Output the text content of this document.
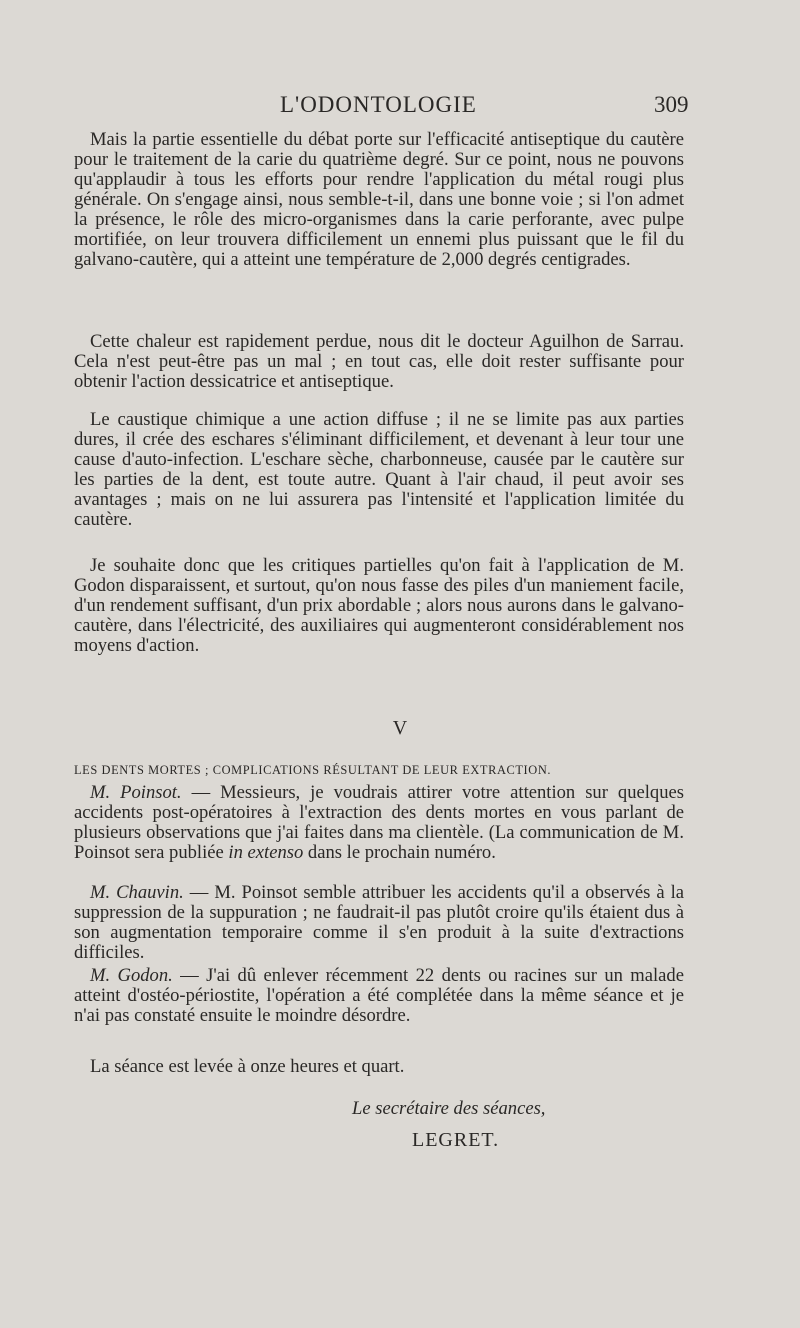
L'ODONTOLOGIE	309

Mais la partie essentielle du débat porte sur l'efficacité antiseptique du cautère pour le traitement de la carie du quatrième degré. Sur ce point, nous ne pouvons qu'applaudir à tous les efforts pour rendre l'application du métal rougi plus générale. On s'engage ainsi, nous semble-t-il, dans une bonne voie ; si l'on admet la présence, le rôle des micro-organismes dans la carie perforante, avec pulpe mortifiée, on leur trouvera difficilement un ennemi plus puissant que le fil du galvano-cautère, qui a atteint une température de 2,000 degrés centigrades.

Cette chaleur est rapidement perdue, nous dit le docteur Aguilhon de Sarrau. Cela n'est peut-être pas un mal ; en tout cas, elle doit rester suffisante pour obtenir l'action dessicatrice et antiseptique.

Le caustique chimique a une action diffuse ; il ne se limite pas aux parties dures, il crée des eschares s'éliminant difficilement, et devenant à leur tour une cause d'auto-infection. L'eschare sèche, charbonneuse, causée par le cautère sur les parties de la dent, est toute autre. Quant à l'air chaud, il peut avoir ses avantages ; mais on ne lui assurera pas l'intensité et l'application limitée du cautère.

Je souhaite donc que les critiques partielles qu'on fait à l'application de M. Godon disparaissent, et surtout, qu'on nous fasse des piles d'un maniement facile, d'un rendement suffisant, d'un prix abordable ; alors nous aurons dans le galvano-cautère, dans l'électricité, des auxiliaires qui augmenteront considérablement nos moyens d'action.

V
LES DENTS MORTES ; COMPLICATIONS RÉSULTANT DE LEUR EXTRACTION.

M. Poinsot. — Messieurs, je voudrais attirer votre attention sur quelques accidents post-opératoires à l'extraction des dents mortes en vous parlant de plusieurs observations que j'ai faites dans ma clientèle. (La communication de M. Poinsot sera publiée in extenso dans le prochain numéro.

M. Chauvin. — M. Poinsot semble attribuer les accidents qu'il a observés à la suppression de la suppuration ; ne faudrait-il pas plutôt croire qu'ils étaient dus à son augmentation temporaire comme il s'en produit à la suite d'extractions difficiles.

M. Godon. — J'ai dû enlever récemment 22 dents ou racines sur un malade atteint d'ostéo-périostite, l'opération a été complétée dans la même séance et je n'ai pas constaté ensuite le moindre désordre.

La séance est levée à onze heures et quart.
Le secrétaire des séances,
LEGRET.
